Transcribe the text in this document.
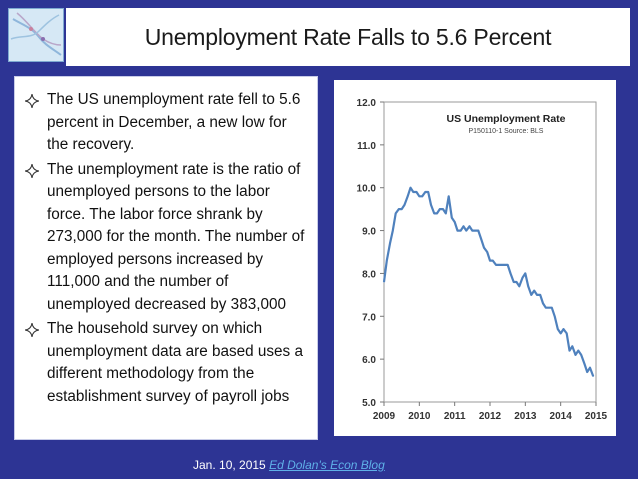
Unemployment Rate Falls to 5.6 Percent
The US unemployment rate fell to 5.6 percent in December, a new low for the recovery.
The unemployment rate is the ratio of unemployed persons to the labor force. The labor force shrank by 273,000 for the month. The number of employed persons increased by 111,000 and the number of unemployed decreased by 383,000
The household survey on which unemployment data are based uses a different methodology from the establishment survey of payroll jobs	5.0
6.0
7.0
8.0
9.0
10.0
11.0
12.0
2009 2010 2011 2012 2013 2014 2015
US Unemployment Rate
P150110-1 Source: BLS
Jan. 10, 2015 Ed Dolan's Econ Blog
